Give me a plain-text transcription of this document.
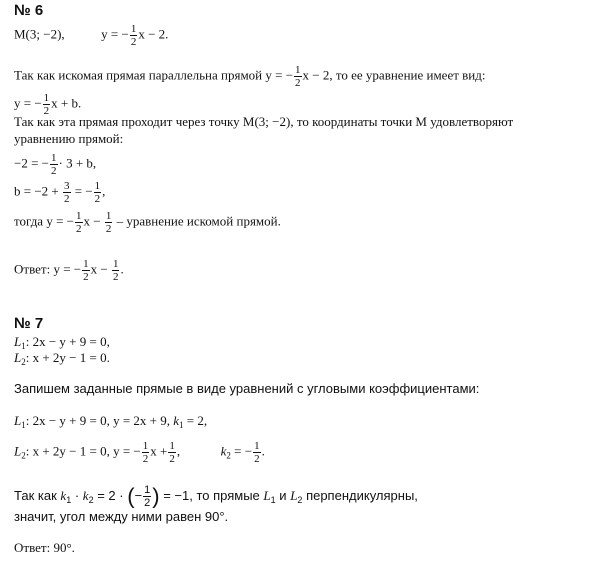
№ 6
M(3; −2),	y = − $\frac{1}{2}$ x − 2.
Так как искомая прямая параллельна прямой y = − $\frac{1}{2}$ x − 2, то ее уравнение имеет вид:
y = − $\frac{1}{2}$ x + b.
Так как эта прямая проходит через точку M(3; −2), то координаты точки M удовлетворяют
уравнению прямой:
−2 = − $\frac{1}{2} \cdot 3 + b$,
$b = -2 + \frac{3}{2}$ = − $\frac{1}{2}$ ,
тогда y = − $\frac{1}{2}$ $x - \frac{1}{2}$ – уравнение искомой прямой.
Ответ: y = − $\frac{1}{2}$ $x - \frac{1}{2}$ .
№ 7
$L_1$: 2x − y + 9 = 0,
$L_2$: x + 2y − 1 = 0.
Запишем заданные прямые в виде уравнений с угловыми коэффициентами:
$L_1$: 2x − y + 9 = 0, y = 2x + 9, $k_1 = 2$,
$L_2$: x + 2y − 1 = 0, y = − $\frac{1}{2}$ $x + \frac{1}{2}$ ,	$k_2$ = − $\frac{1}{2}$ .
Так как $k_1 \cdot k_2 = 2$ · (− $\frac{1}{2}$ ) = −1, то прямые $L_1$ и $L_2$ перпендикулярны,
значит, угол между ними равен 90°.
Ответ: 90°.
